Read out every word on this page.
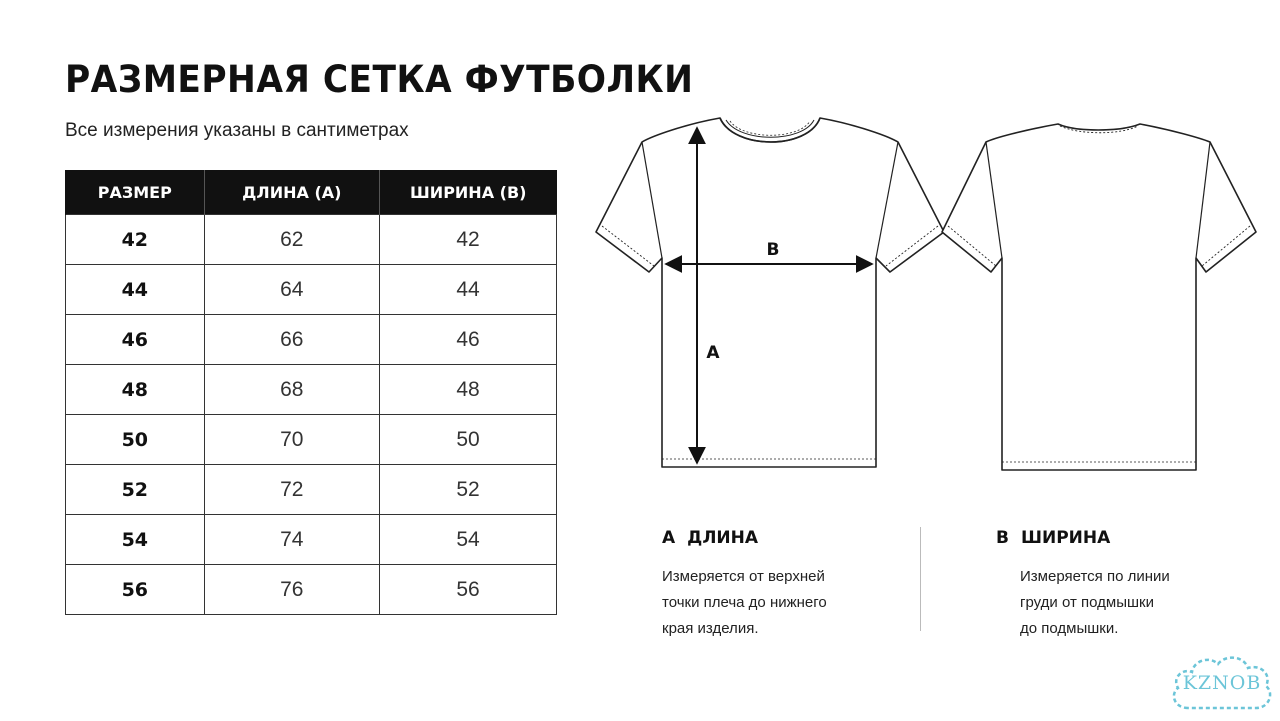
РАЗМЕРНАЯ СЕТКА ФУТБОЛКИ
Все измерения указаны в сантиметрах
РАЗМЕР	ДЛИНА (А)	ШИРИНА (В)
42	62	42
44	64	44
46	66	46
48	68	48
50	70	50
52	72	52
54	74	54
56	76	56
B
A
A ДЛИНА
Измеряется от верхней
точки плеча до нижнего
края изделия.
B ШИРИНА
Измеряется по линии
груди от подмышки
до подмышки.
KZNOB
